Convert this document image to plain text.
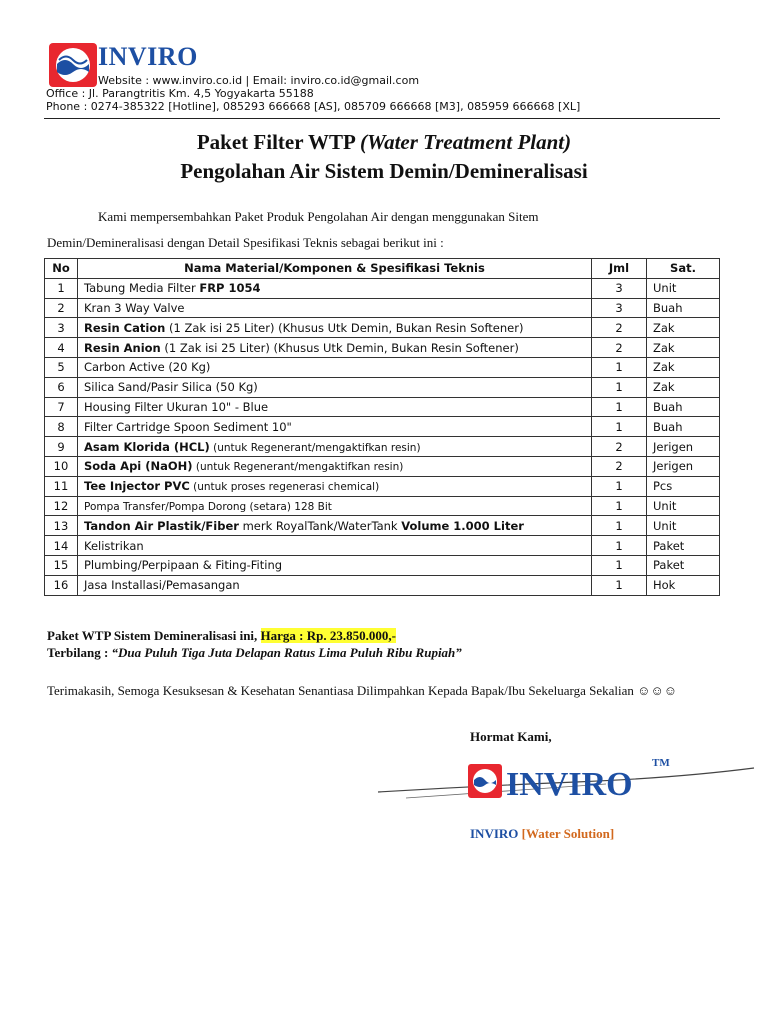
INVIRO
Website : www.inviro.co.id | Email: inviro.co.id@gmail.com
Office : Jl. Parangtritis Km. 4,5 Yogyakarta 55188
Phone : 0274-385322 [Hotline], 085293 666668 [AS], 085709 666668 [M3], 085959 666668 [XL]
Paket Filter WTP (Water Treatment Plant)
Pengolahan Air Sistem Demin/Demineralisasi
Kami mempersembahkan Paket Produk Pengolahan Air dengan menggunakan Sitem
Demin/Demineralisasi dengan Detail Spesifikasi Teknis sebagai berikut ini :
No	Nama Material/Komponen & Spesifikasi Teknis	Jml	Sat.
1	Tabung Media Filter FRP 1054	3	Unit
2	Kran 3 Way Valve	3	Buah
3	Resin Cation (1 Zak isi 25 Liter) (Khusus Utk Demin, Bukan Resin Softener)	2	Zak
4	Resin Anion (1 Zak isi 25 Liter) (Khusus Utk Demin, Bukan Resin Softener)	2	Zak
5	Carbon Active (20 Kg)	1	Zak
6	Silica Sand/Pasir Silica (50 Kg)	1	Zak
7	Housing Filter Ukuran 10" - Blue	1	Buah
8	Filter Cartridge Spoon Sediment 10"	1	Buah
9	Asam Klorida (HCL) (untuk Regenerant/mengaktifkan resin)	2	Jerigen
10	Soda Api (NaOH) (untuk Regenerant/mengaktifkan resin)	2	Jerigen
11	Tee Injector PVC (untuk proses regenerasi chemical)	1	Pcs
12	Pompa Transfer/Pompa Dorong (setara) 128 Bit	1	Unit
13	Tandon Air Plastik/Fiber merk RoyalTank/WaterTank Volume 1.000 Liter	1	Unit
14	Kelistrikan	1	Paket
15	Plumbing/Perpipaan & Fiting-Fiting	1	Paket
16	Jasa Installasi/Pemasangan	1	Hok
Paket WTP Sistem Demineralisasi ini, Harga : Rp. 23.850.000,-
Terbilang : “Dua Puluh Tiga Juta Delapan Ratus Lima Puluh Ribu Rupiah”
Terimakasih, Semoga Kesuksesan & Kesehatan Senantiasa Dilimpahkan Kepada Bapak/Ibu Sekeluarga Sekalian ☺☺☺
Hormat Kami,
INVIRO
TM
INVIRO [Water Solution]
